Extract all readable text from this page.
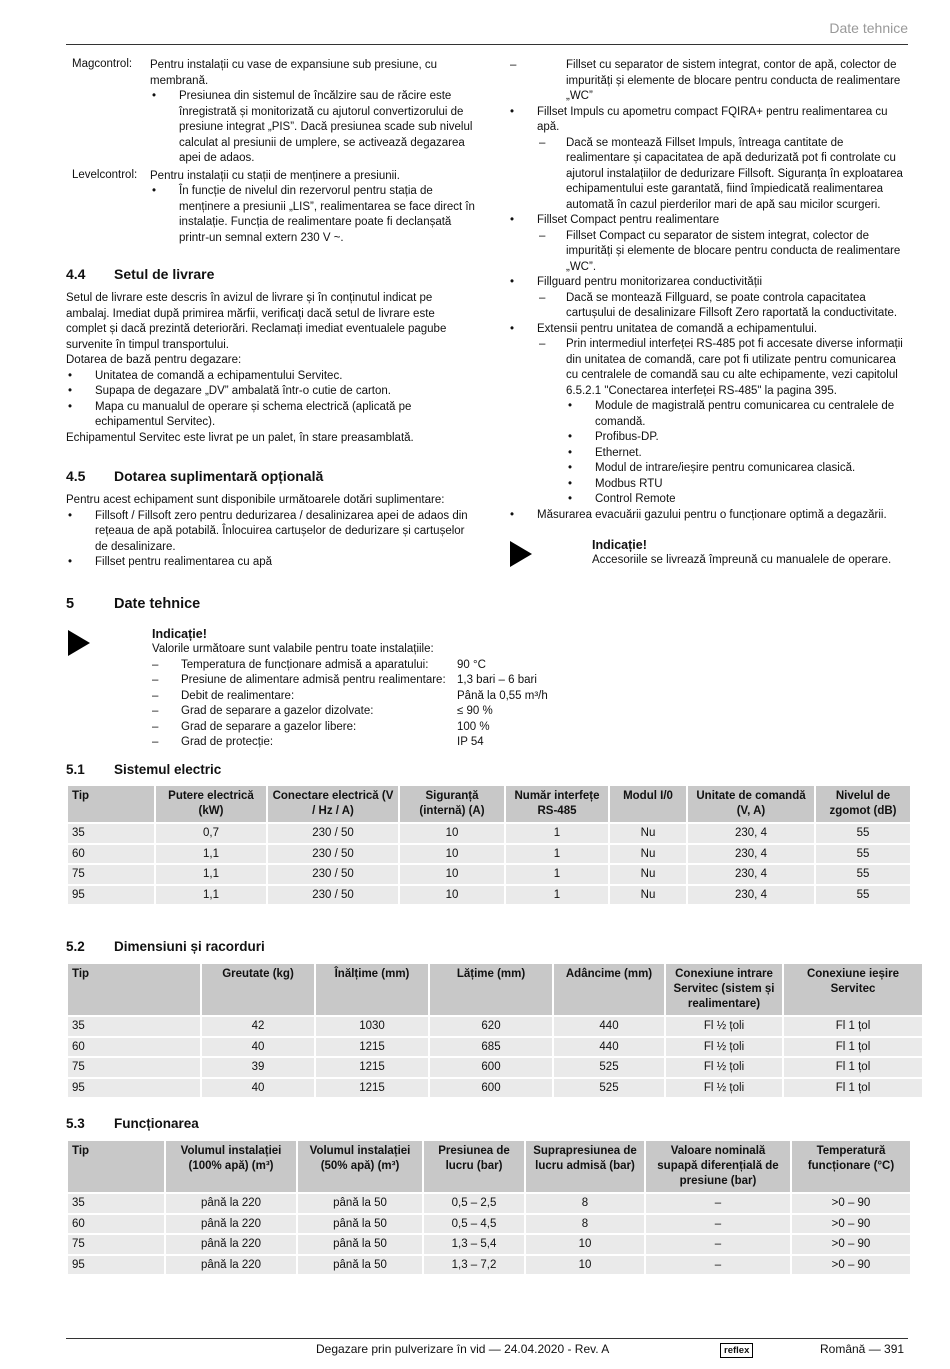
Date tehnice
Magcontrol:	Pentru instalații cu vase de expansiune sub presiune, cu membrană.

• Presiunea din sistemul de încălzire sau de răcire este înregistrată și monitorizată cu ajutorul convertizorului de presiune integrat „PIS”. Dacă presiunea scade sub nivelul calculat al presiunii de umplere, se activează degazarea apei de adaos.
Levelcontrol:	Pentru instalații cu stații de menținere a presiunii.

• În funcție de nivelul din rezervorul pentru stația de menținere a presiunii „LIS”, realimentarea se face direct în instalație. Funcția de realimentare poate fi declanșată printr-un semnal extern 230 V ~.
4.4	Setul de livrare

Setul de livrare este descris în avizul de livrare și în conținutul indicat pe ambalaj. Imediat după primirea mărfii, verificați dacă setul de livrare este complet și dacă prezintă deteriorări. Reclamați imediat eventualele pagube survenite în timpul transportului.

Dotarea de bază pentru degazare:

• Unitatea de comandă a echipamentului Servitec.
• Supapa de degazare „DV” ambalată într-o cutie de carton.
• Mapa cu manualul de operare și schema electrică (aplicată pe echipamentul Servitec).

Echipamentul Servitec este livrat pe un palet, în stare preasamblată.

4.5	Dotarea suplimentară opțională

Pentru acest echipament sunt disponibile următoarele dotări suplimentare:

• Fillsoft / Fillsoft zero pentru dedurizarea / desalinizarea apei de adaos din rețeaua de apă potabilă. Înlocuirea cartușelor de dedurizare și cartușelor de desalinizare.
• Fillset pentru realimentarea cu apă
– Fillset cu separator de sistem integrat, contor de apă, colector de impurități și elemente de blocare pentru conducta de realimentare „WC”
• Fillset Impuls cu apometru compact FQIRA+ pentru realimentarea cu apă.
– Dacă se montează Fillset Impuls, întreaga cantitate de realimentare și capacitatea de apă dedurizată pot fi controlate cu ajutorul instalațiilor de dedurizare Fillsoft. Siguranța în exploatarea echipamentului este garantată, fiind împiedicată realimentarea automată în cazul pierderilor mari de apă sau micilor scurgeri.
• Fillset Compact pentru realimentare
– Fillset Compact cu separator de sistem integrat, colector de impurități și elemente de blocare pentru conducta de realimentare „WC”.
• Fillguard pentru monitorizarea conductivității
– Dacă se montează Fillguard, se poate controla capacitatea cartușului de desalinizare Fillsoft Zero raportată la conductivitate.
• Extensii pentru unitatea de comandă a echipamentului.
– Prin intermediul interfeței RS-485 pot fi accesate diverse informații din unitatea de comandă, care pot fi utilizate pentru comunicarea cu centralele de comandă sau cu alte echipamente, vezi capitolul 6.5.2.1 "Conectarea interfeței RS-485" la pagina 395.
• Module de magistrală pentru comunicarea cu centralele de comandă.
• Profibus-DP.
• Ethernet.
• Modul de intrare/ieșire pentru comunicarea clasică.
• Modbus RTU
• Control Remote
• Măsurarea evacuării gazului pentru o funcționare optimă a degazării.
Indicație!

Accesoriile se livrează împreună cu manualele de operare.

5	Date tehnice
Indicație!

Valorile următoare sunt valabile pentru toate instalațiile:

–	Temperatura de funcționare admisă a aparatului:	90 °C
–	Presiune de alimentare admisă pentru realimentare: 1,3 bari – 6 bari
–	Debit de realimentare:	Până la 0,55 m³/h
–	Grad de separare a gazelor dizolvate:	≤ 90 %
–	Grad de separare a gazelor libere:	100 %
–	Grad de protecție:	IP 54
5.1	Sistemul electric
Tip	Putere electrică (kW)	Conectare electrică (V / Hz / A)	Siguranță (internă) (A)	Număr interfețe RS-485	Modul I/0	Unitate de comandă (V, A)	Nivelul de zgomot (dB)
35	0,7	230 / 50	10	1	Nu	230, 4	55
60	1,1	230 / 50	10	1	Nu	230, 4	55
75	1,1	230 / 50	10	1	Nu	230, 4	55
95	1,1	230 / 50	10	1	Nu	230, 4	55
5.2	Dimensiuni și racorduri
Tip	Greutate (kg)	Înălțime (mm)	Lățime (mm)	Adâncime (mm)	Conexiune intrare Servitec (sistem și realimentare)	Conexiune ieșire Servitec
35	42	1030	620	440	Fl ½ țoli	Fl 1 țol
60	40	1215	685	440	Fl ½ țoli	Fl 1 țol
75	39	1215	600	525	Fl ½ țoli	Fl 1 țol
95	40	1215	600	525	Fl ½ țoli	Fl 1 țol
5.3	Funcționarea
Tip	Volumul instalației (100% apă) (m³)	Volumul instalației (50% apă) (m³)	Presiunea de lucru (bar)	Suprapresiunea de lucru admisă (bar)	Valoare nominală supapă diferențială de presiune (bar)	Temperatură funcționare (°C)
35	până la 220	până la 50	0,5 – 2,5	8	–	>0 – 90
60	până la 220	până la 50	0,5 – 4,5	8	–	>0 – 90
75	până la 220	până la 50	1,3 – 5,4	10	–	>0 – 90
95	până la 220	până la 50	1,3 – 7,2	10	–	>0 – 90
Degazare prin pulverizare în vid — 24.04.2020 - Rev. A	reflex	Română — 391
